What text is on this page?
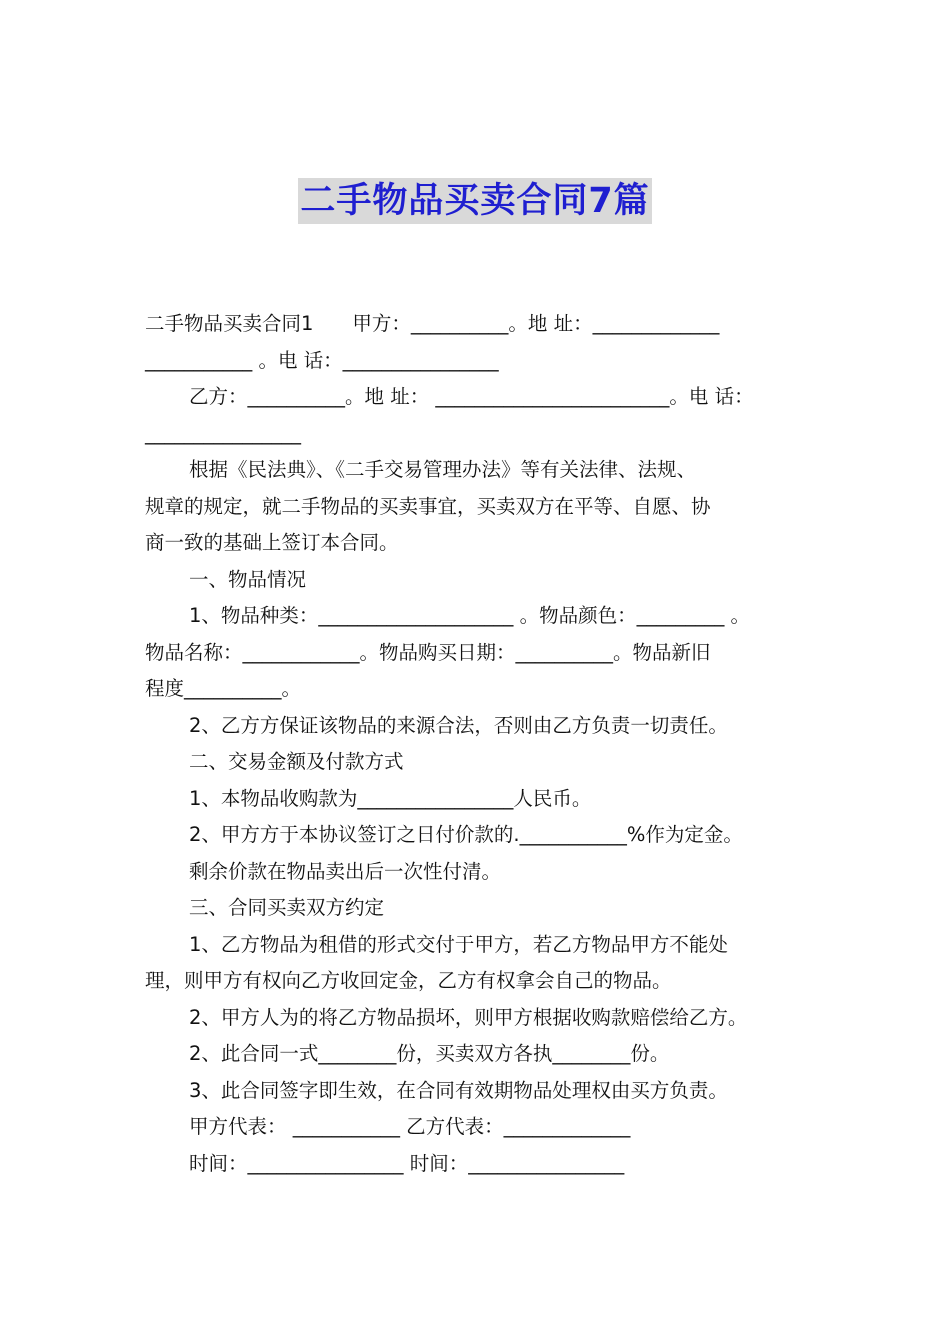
二手物品买卖合同7篇
二手物品买卖合同1　　甲方：__________。地 址：_____________
___________ 。电 话：________________
乙方：__________。地 址： ________________________。电 话：
________________
根据《民法典》、《二手交易管理办法》等有关法律、法规、
规章的规定，就二手物品的买卖事宜，买卖双方在平等、自愿、协
商一致的基础上签订本合同。
一、物品情况
1、物品种类：____________________ 。物品颜色：_________ 。
物品名称：____________。物品购买日期：__________。物品新旧
程度__________。
2、乙方方保证该物品的来源合法，否则由乙方负责一切责任。
二、交易金额及付款方式
1、本物品收购款为________________人民币。
2、甲方方于本协议签订之日付价款的.___________%作为定金。
剩余价款在物品卖出后一次性付清。
三、合同买卖双方约定
1、乙方物品为租借的形式交付于甲方，若乙方物品甲方不能处
理，则甲方有权向乙方收回定金，乙方有权拿会自己的物品。
2、甲方人为的将乙方物品损坏，则甲方根据收购款赔偿给乙方。
2、此合同一式________份，买卖双方各执________份。
3、此合同签字即生效，在合同有效期物品处理权由买方负责。
甲方代表： ___________ 乙方代表：_____________
时间：________________ 时间：________________
